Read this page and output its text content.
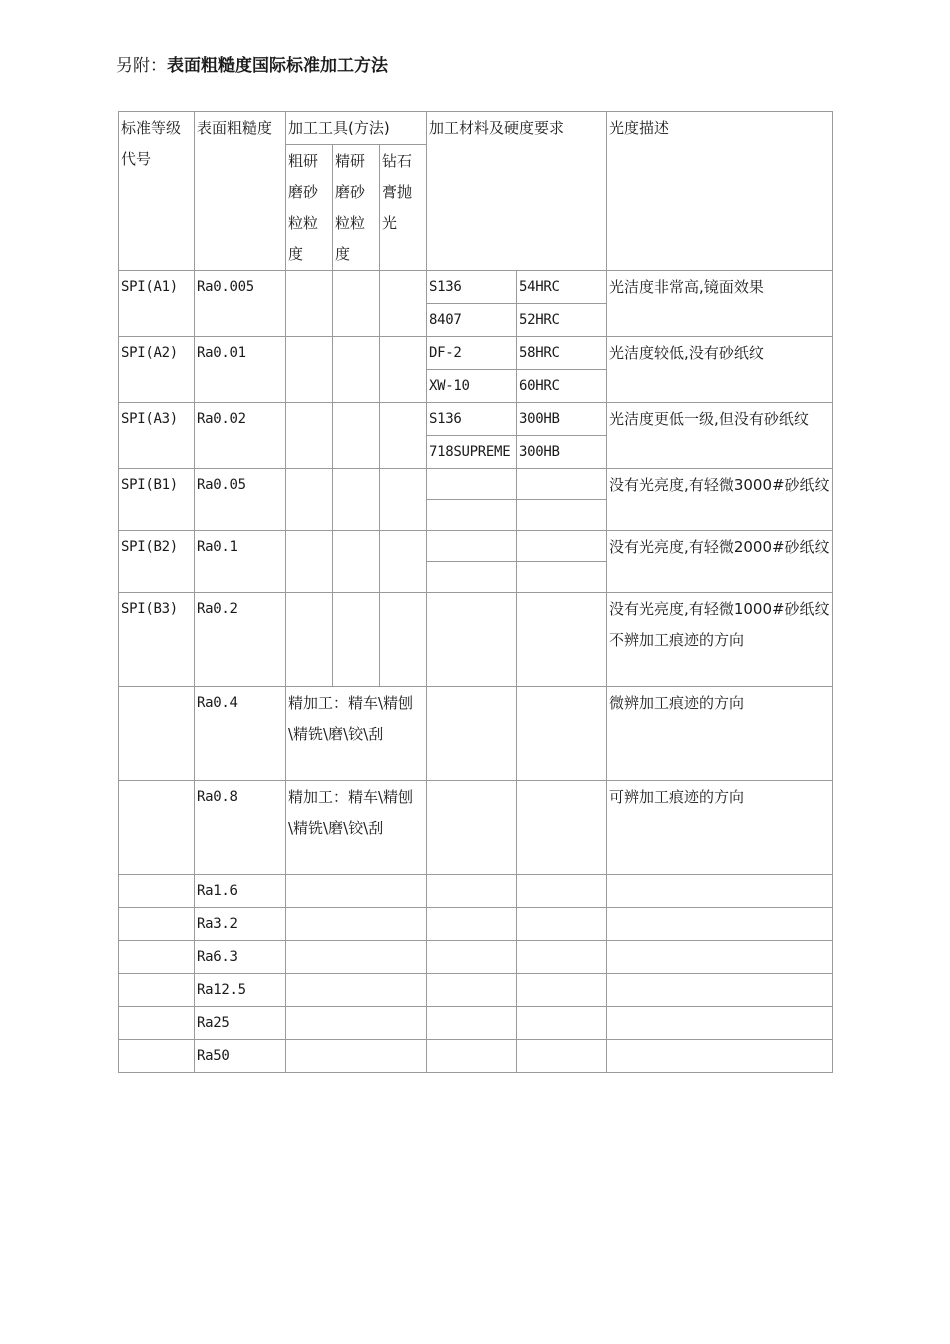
另附：表面粗糙度国际标准加工方法
标准等级代号	表面粗糙度	加工工具(方法)			加工材料及硬度要求		光度描述
		粗研磨砂粒粒度	精研磨砂粒粒度	钻石膏抛光			
SPI(A1)	Ra0.005				S136	54HRC	光洁度非常高,镜面效果
					8407	52HRC	
SPI(A2)	Ra0.01				DF-2	58HRC	光洁度较低,没有砂纸纹
					XW-10	60HRC	
SPI(A3)	Ra0.02				S136	300HB	光洁度更低一级,但没有砂纸纹
					718SUPREME	300HB	
SPI(B1)	Ra0.05						没有光亮度,有轻微3000#砂纸纹

SPI(B2)	Ra0.1						没有光亮度,有轻微2000#砂纸纹

SPI(B3)	Ra0.2						没有光亮度,有轻微1000#砂纸纹
不辨加工痕迹的方向

	Ra0.4	精加工：精车\精刨\精铣\磨\铰\刮					微辨加工痕迹的方向
	Ra0.8	精加工：精车\精刨\精铣\磨\铰\刮					可辨加工痕迹的方向
	Ra1.6						
	Ra3.2						
	Ra6.3						
	Ra12.5						
	Ra25						
	Ra50						
